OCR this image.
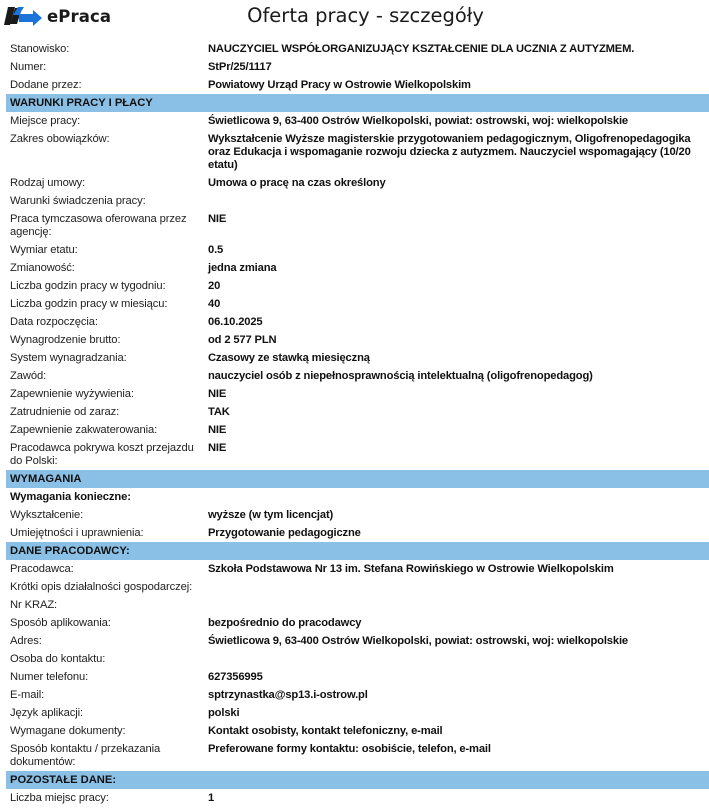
ePraca	Oferta pracy - szczegóły
Stanowisko:	NAUCZYCIEL WSPÓŁORGANIZUJĄCY KSZTAŁCENIE DLA UCZNIA Z AUTYZMEM.
Numer:	StPr/25/1117
Dodane przez:	Powiatowy Urząd Pracy w Ostrowie Wielkopolskim
WARUNKI PRACY I PŁACY
Miejsce pracy:	Świetlicowa 9, 63-400 Ostrów Wielkopolski, powiat: ostrowski, woj: wielkopolskie
Zakres obowiązków:	Wykształcenie Wyższe magisterskie przygotowaniem pedagogicznym, Oligofrenopedagogika oraz Edukacja i wspomaganie rozwoju dziecka z autyzmem. Nauczyciel wspomagający (10/20 etatu)
Rodzaj umowy:	Umowa o pracę na czas określony
Warunki świadczenia pracy:
Praca tymczasowa oferowana przez agencję:
NIE
Wymiar etatu:	0.5
Zmianowość:	jedna zmiana
Liczba godzin pracy w tygodniu:	20
Liczba godzin pracy w miesiącu:	40
Data rozpoczęcia:	06.10.2025
Wynagrodzenie brutto:	od 2 577 PLN
System wynagradzania:	Czasowy ze stawką miesięczną
Zawód:	nauczyciel osób z niepełnosprawnością intelektualną (oligofrenopedagog)
Zapewnienie wyżywienia:	NIE
Zatrudnienie od zaraz:	TAK
Zapewnienie zakwaterowania:	NIE
Pracodawca pokrywa koszt przejazdu do Polski:
NIE
WYMAGANIA
Wymagania konieczne:
Wykształcenie:	wyższe (w tym licencjat)
Umiejętności i uprawnienia:	Przygotowanie pedagogiczne
DANE PRACODAWCY:
Pracodawca:	Szkoła Podstawowa Nr 13 im. Stefana Rowińskiego w Ostrowie Wielkopolskim
Krótki opis działalności gospodarczej:
Nr KRAZ:
Sposób aplikowania:	bezpośrednio do pracodawcy
Adres:	Świetlicowa 9, 63-400 Ostrów Wielkopolski, powiat: ostrowski, woj: wielkopolskie
Osoba do kontaktu:
Numer telefonu:	627356995
E-mail:	sptrzynastka@sp13.i-ostrow.pl
Język aplikacji:	polski
Wymagane dokumenty:	Kontakt osobisty, kontakt telefoniczny, e-mail
Sposób kontaktu / przekazania dokumentów:
Preferowane formy kontaktu: osobiście, telefon, e-mail
POZOSTAŁE DANE:
Liczba miejsc pracy:	1
